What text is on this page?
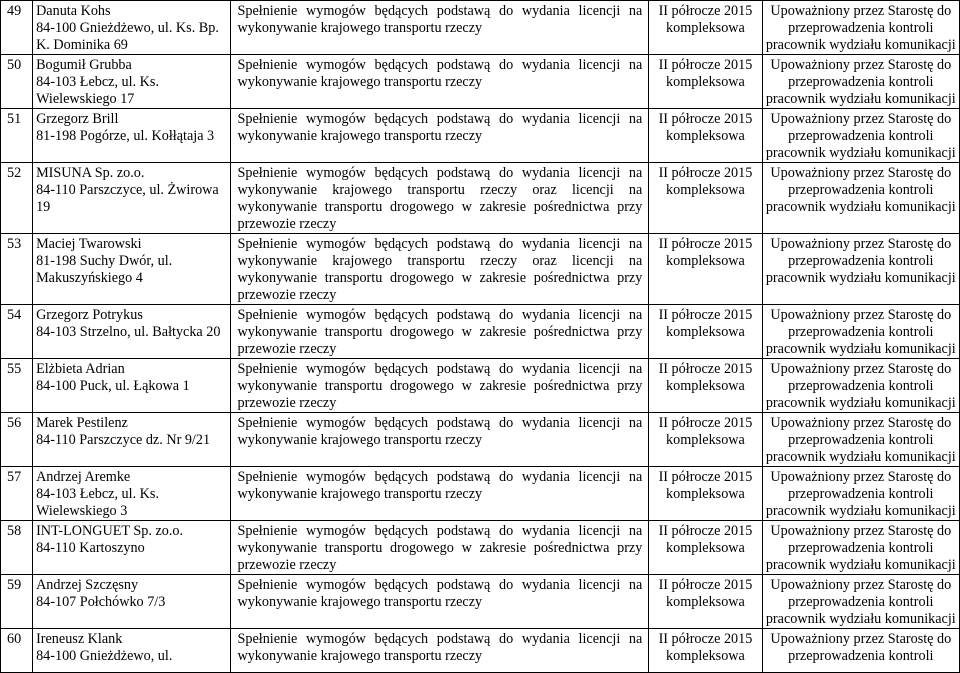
49	Danuta Kohs
84-100 Gnieżdżewo, ul. Ks. Bp.
K. Dominika 69	Spełnienie wymogów będących podstawą do wydania licencji na wykonywanie krajowego transportu rzeczy	II półrocze 2015
kompleksowa	Upoważniony przez Starostę do
przeprowadzenia kontroli
pracownik wydziału komunikacji

50	Bogumił Grubba
84-103 Łebcz, ul. Ks.
Wielewskiego 17	Spełnienie wymogów będących podstawą do wydania licencji na wykonywanie krajowego transportu rzeczy	II półrocze 2015
kompleksowa	Upoważniony przez Starostę do
przeprowadzenia kontroli
pracownik wydziału komunikacji

51	Grzegorz Brill
81-198 Pogórze, ul. Kołłątaja 3	Spełnienie wymogów będących podstawą do wydania licencji na wykonywanie krajowego transportu rzeczy	II półrocze 2015
kompleksowa	Upoważniony przez Starostę do
przeprowadzenia kontroli
pracownik wydziału komunikacji

52	MISUNA Sp. zo.o.
84-110 Parszczyce, ul. Żwirowa
19	Spełnienie wymogów będących podstawą do wydania licencji na wykonywanie krajowego transportu rzeczy oraz licencji na wykonywanie transportu drogowego w zakresie pośrednictwa przy przewozie rzeczy	II półrocze 2015
kompleksowa	Upoważniony przez Starostę do
przeprowadzenia kontroli
pracownik wydziału komunikacji

53	Maciej Twarowski
81-198 Suchy Dwór, ul.
Makuszyńskiego 4	Spełnienie wymogów będących podstawą do wydania licencji na wykonywanie krajowego transportu rzeczy oraz licencji na wykonywanie transportu drogowego w zakresie pośrednictwa przy przewozie rzeczy	II półrocze 2015
kompleksowa	Upoważniony przez Starostę do
przeprowadzenia kontroli
pracownik wydziału komunikacji

54	Grzegorz Potrykus
84-103 Strzelno, ul. Bałtycka 20	Spełnienie wymogów będących podstawą do wydania licencji na wykonywanie transportu drogowego w zakresie pośrednictwa przy przewozie rzeczy	II półrocze 2015
kompleksowa	Upoważniony przez Starostę do
przeprowadzenia kontroli
pracownik wydziału komunikacji

55	Elżbieta Adrian
84-100 Puck, ul. Łąkowa 1	Spełnienie wymogów będących podstawą do wydania licencji na wykonywanie transportu drogowego w zakresie pośrednictwa przy przewozie rzeczy	II półrocze 2015
kompleksowa	Upoważniony przez Starostę do
przeprowadzenia kontroli
pracownik wydziału komunikacji

56	Marek Pestilenz
84-110 Parszczyce dz. Nr 9/21	Spełnienie wymogów będących podstawą do wydania licencji na wykonywanie krajowego transportu rzeczy	II półrocze 2015
kompleksowa	Upoważniony przez Starostę do
przeprowadzenia kontroli
pracownik wydziału komunikacji

57	Andrzej Aremke
84-103 Łebcz, ul. Ks.
Wielewskiego 3	Spełnienie wymogów będących podstawą do wydania licencji na wykonywanie krajowego transportu rzeczy	II półrocze 2015
kompleksowa	Upoważniony przez Starostę do
przeprowadzenia kontroli
pracownik wydziału komunikacji

58	INT-LONGUET Sp. zo.o.
84-110 Kartoszyno	Spełnienie wymogów będących podstawą do wydania licencji na wykonywanie transportu drogowego w zakresie pośrednictwa przy przewozie rzeczy	II półrocze 2015
kompleksowa	Upoważniony przez Starostę do
przeprowadzenia kontroli
pracownik wydziału komunikacji

59	Andrzej Szczęsny
84-107 Połchówko 7/3	Spełnienie wymogów będących podstawą do wydania licencji na wykonywanie krajowego transportu rzeczy	II półrocze 2015
kompleksowa	Upoważniony przez Starostę do
przeprowadzenia kontroli
pracownik wydziału komunikacji

60	Ireneusz Klank
84-100 Gnieżdżewo, ul.	Spełnienie wymogów będących podstawą do wydania licencji na wykonywanie krajowego transportu rzeczy	II półrocze 2015
kompleksowa	Upoważniony przez Starostę do
przeprowadzenia kontroli
